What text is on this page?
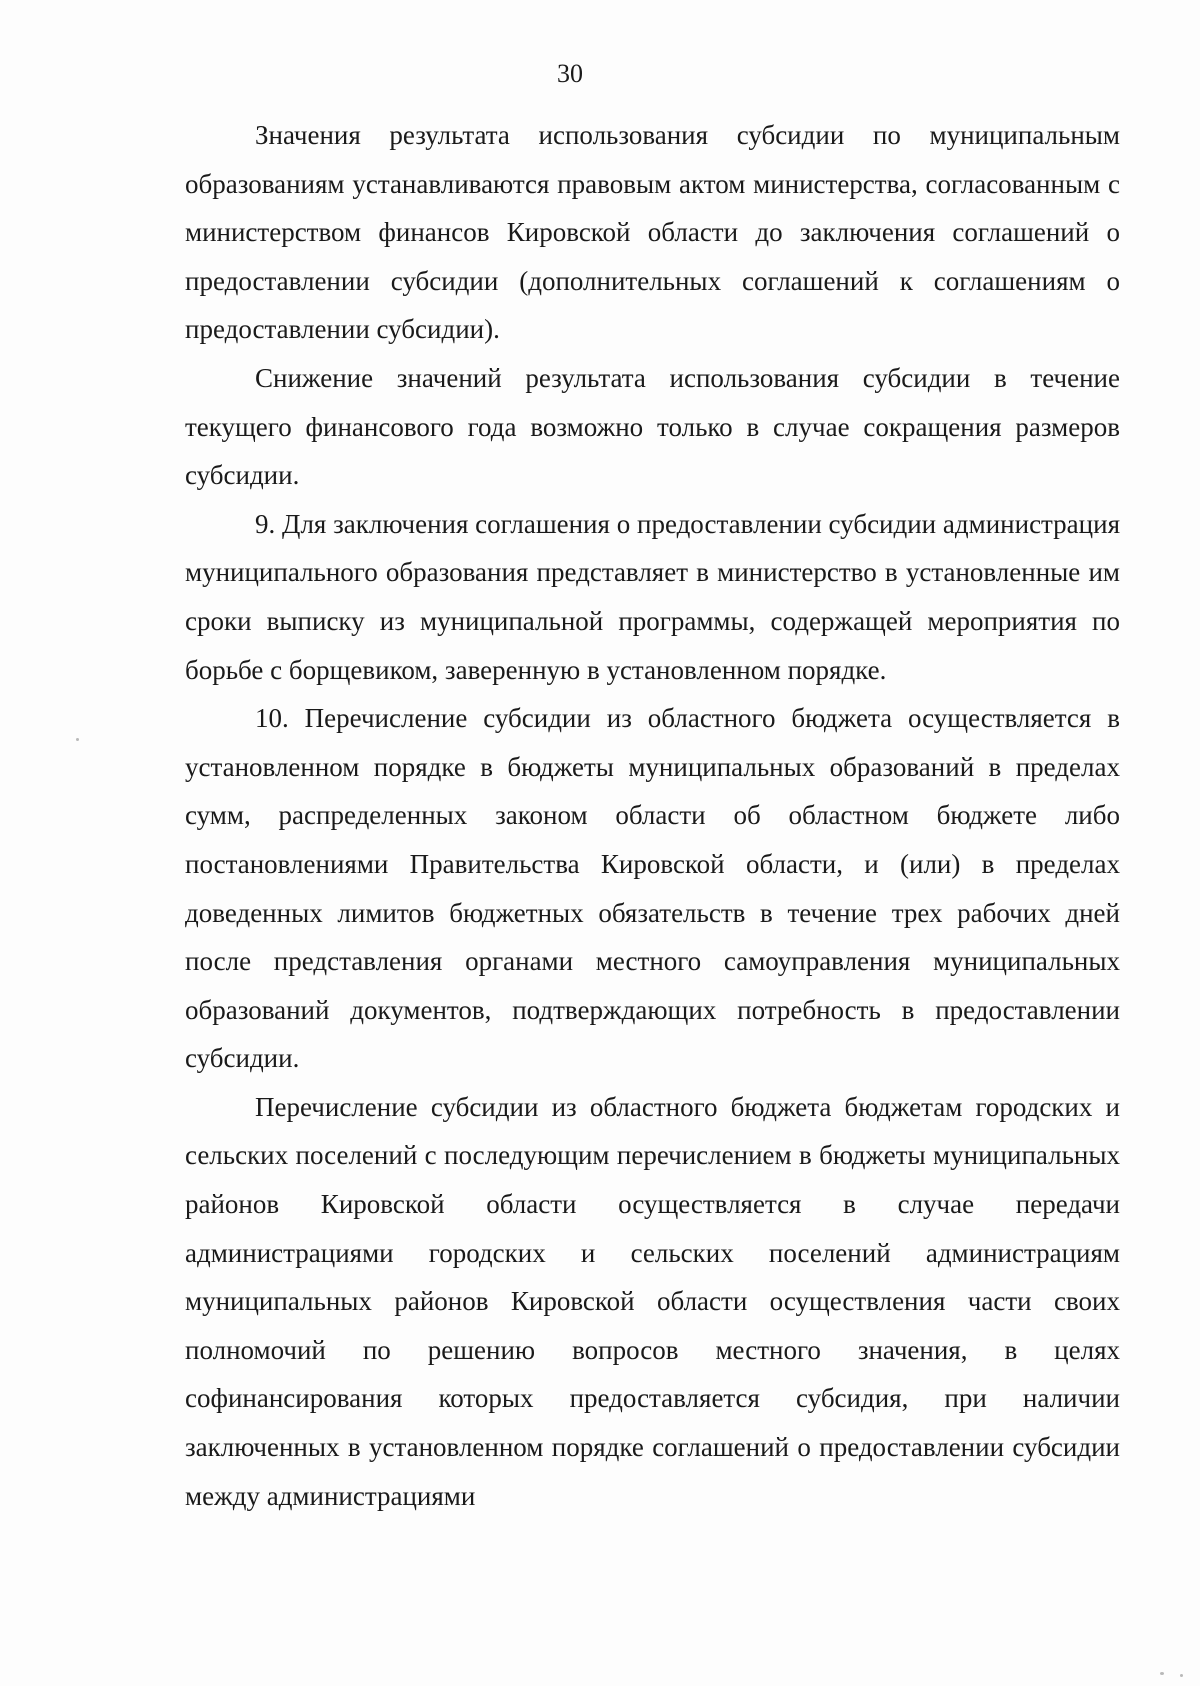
30

Значения результата использования субсидии по муниципальным образованиям устанавливаются правовым актом министерства, согласованным с министерством финансов Кировской области до заключения соглашений о предоставлении субсидии (дополнительных соглашений к соглашениям о предоставлении субсидии).

Снижение значений результата использования субсидии в течение текущего финансового года возможно только в случае сокращения размеров субсидии.

9. Для заключения соглашения о предоставлении субсидии администрация муниципального образования представляет в министерство в установленные им сроки выписку из муниципальной программы, содержащей мероприятия по борьбе с борщевиком, заверенную в установленном порядке.

10. Перечисление субсидии из областного бюджета осуществляется в установленном порядке в бюджеты муниципальных образований в пределах сумм, распределенных законом области об областном бюджете либо постановлениями Правительства Кировской области, и (или) в пределах доведенных лимитов бюджетных обязательств в течение трех рабочих дней после представления органами местного самоуправления муниципальных образований документов, подтверждающих потребность в предоставлении субсидии.

Перечисление субсидии из областного бюджета бюджетам городских и сельских поселений с последующим перечислением в бюджеты муниципальных районов Кировской области осуществляется в случае передачи администрациями городских и сельских поселений администрациям муниципальных районов Кировской области осуществления части своих полномочий по решению вопросов местного значения, в целях софинансирования которых предоставляется субсидия, при наличии заключенных в установленном порядке соглашений о предоставлении субсидии между администрациями
